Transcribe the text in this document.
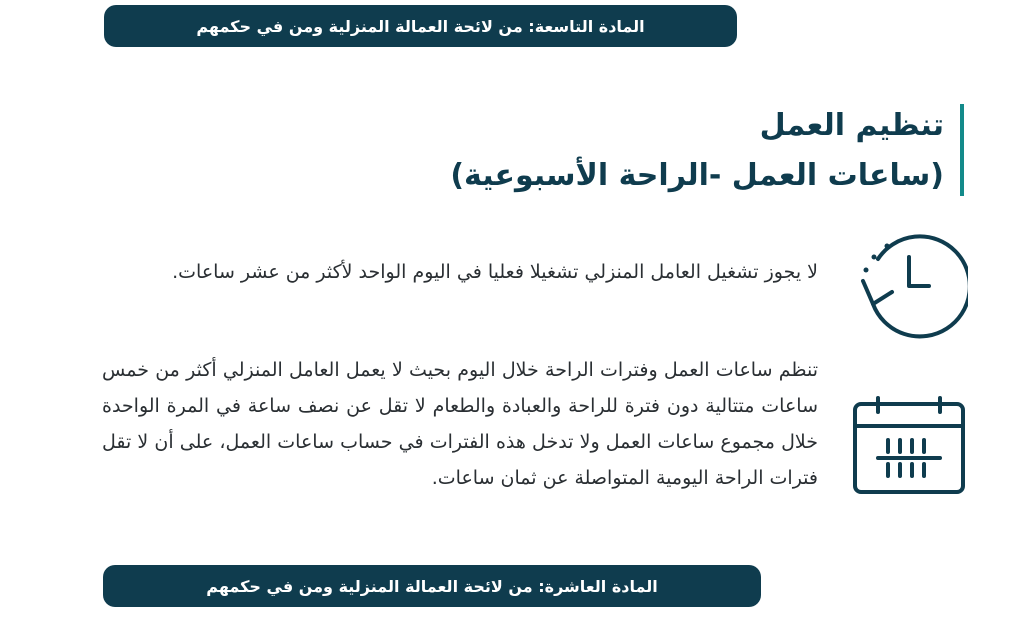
المادة التاسعة: من لائحة العمالة المنزلية ومن في حكمهم
تنظيم العمل
(ساعات العمل -الراحة الأسبوعية)

لا يجوز تشغيل العامل المنزلي تشغيلا فعليا في اليوم الواحد لأكثر من عشر ساعات.

تنظم ساعات العمل وفترات الراحة خلال اليوم بحيث لا يعمل العامل المنزلي أكثر من خمس ساعات متتالية دون فترة للراحة والعبادة والطعام لا تقل عن نصف ساعة في المرة الواحدة خلال مجموع ساعات العمل ولا تدخل هذه الفترات في حساب ساعات العمل، على أن لا تقل فترات الراحة اليومية المتواصلة عن ثمان ساعات.

المادة العاشرة: من لائحة العمالة المنزلية ومن في حكمهم
